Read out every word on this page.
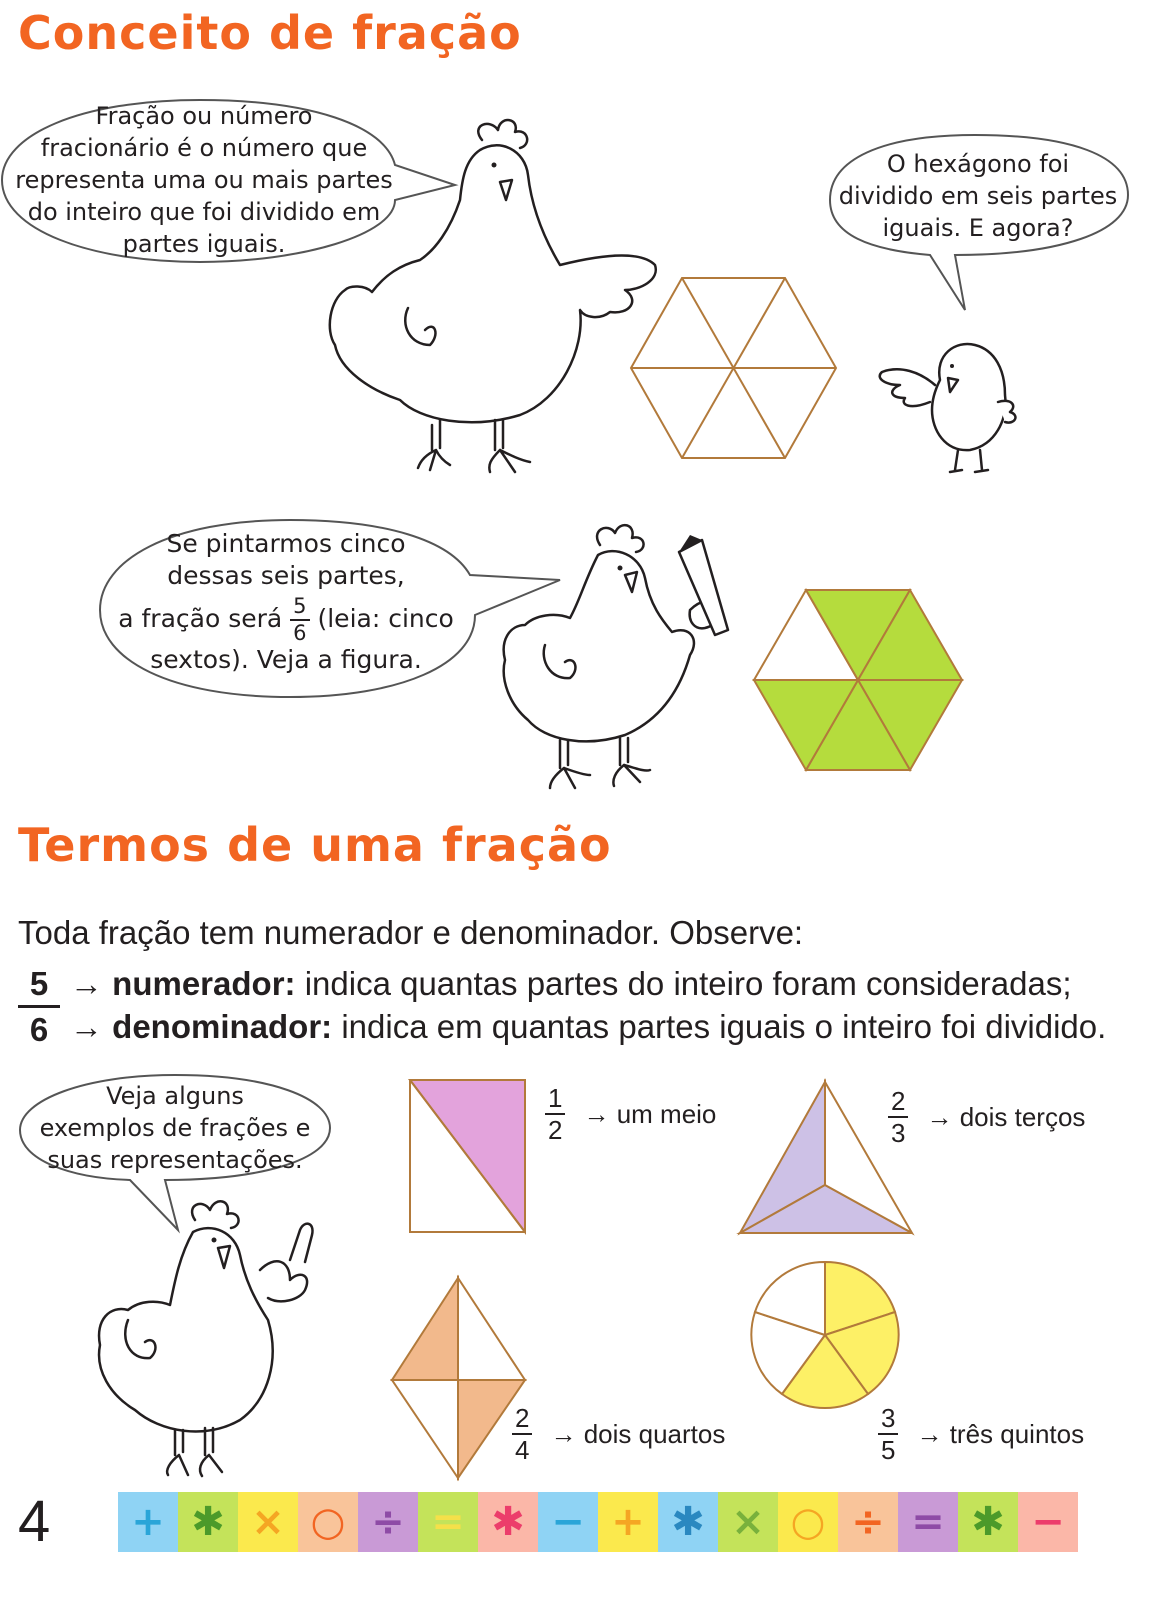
Conceito de fração
Fração ou número
fracionário é o número que
representa uma ou mais partes
do inteiro que foi dividido em
partes iguais.
O hexágono foi
dividido em seis partes
iguais. E agora?
Se pintarmos cinco
dessas seis partes,
a fração será $\frac{5}{6}$ (leia: cinco
sextos). Veja a figura.
Termos de uma fração
Toda fração tem numerador e denominador. Observe:
5
6
→ numerador: indica quantas partes do inteiro foram consideradas;
→ denominador: indica em quantas partes iguais o inteiro foi dividido.
Veja alguns
exemplos de frações e
suas representações.
$\frac{1}{2}$ → um meio	$\frac{2}{3}$ → dois terços
$\frac{2}{4}$ → dois quartos	$\frac{3}{5}$ → três quintos
4	+ ✱ × ○ ÷ = ✱ − + ✱ × ○ ÷ = ✱ −
